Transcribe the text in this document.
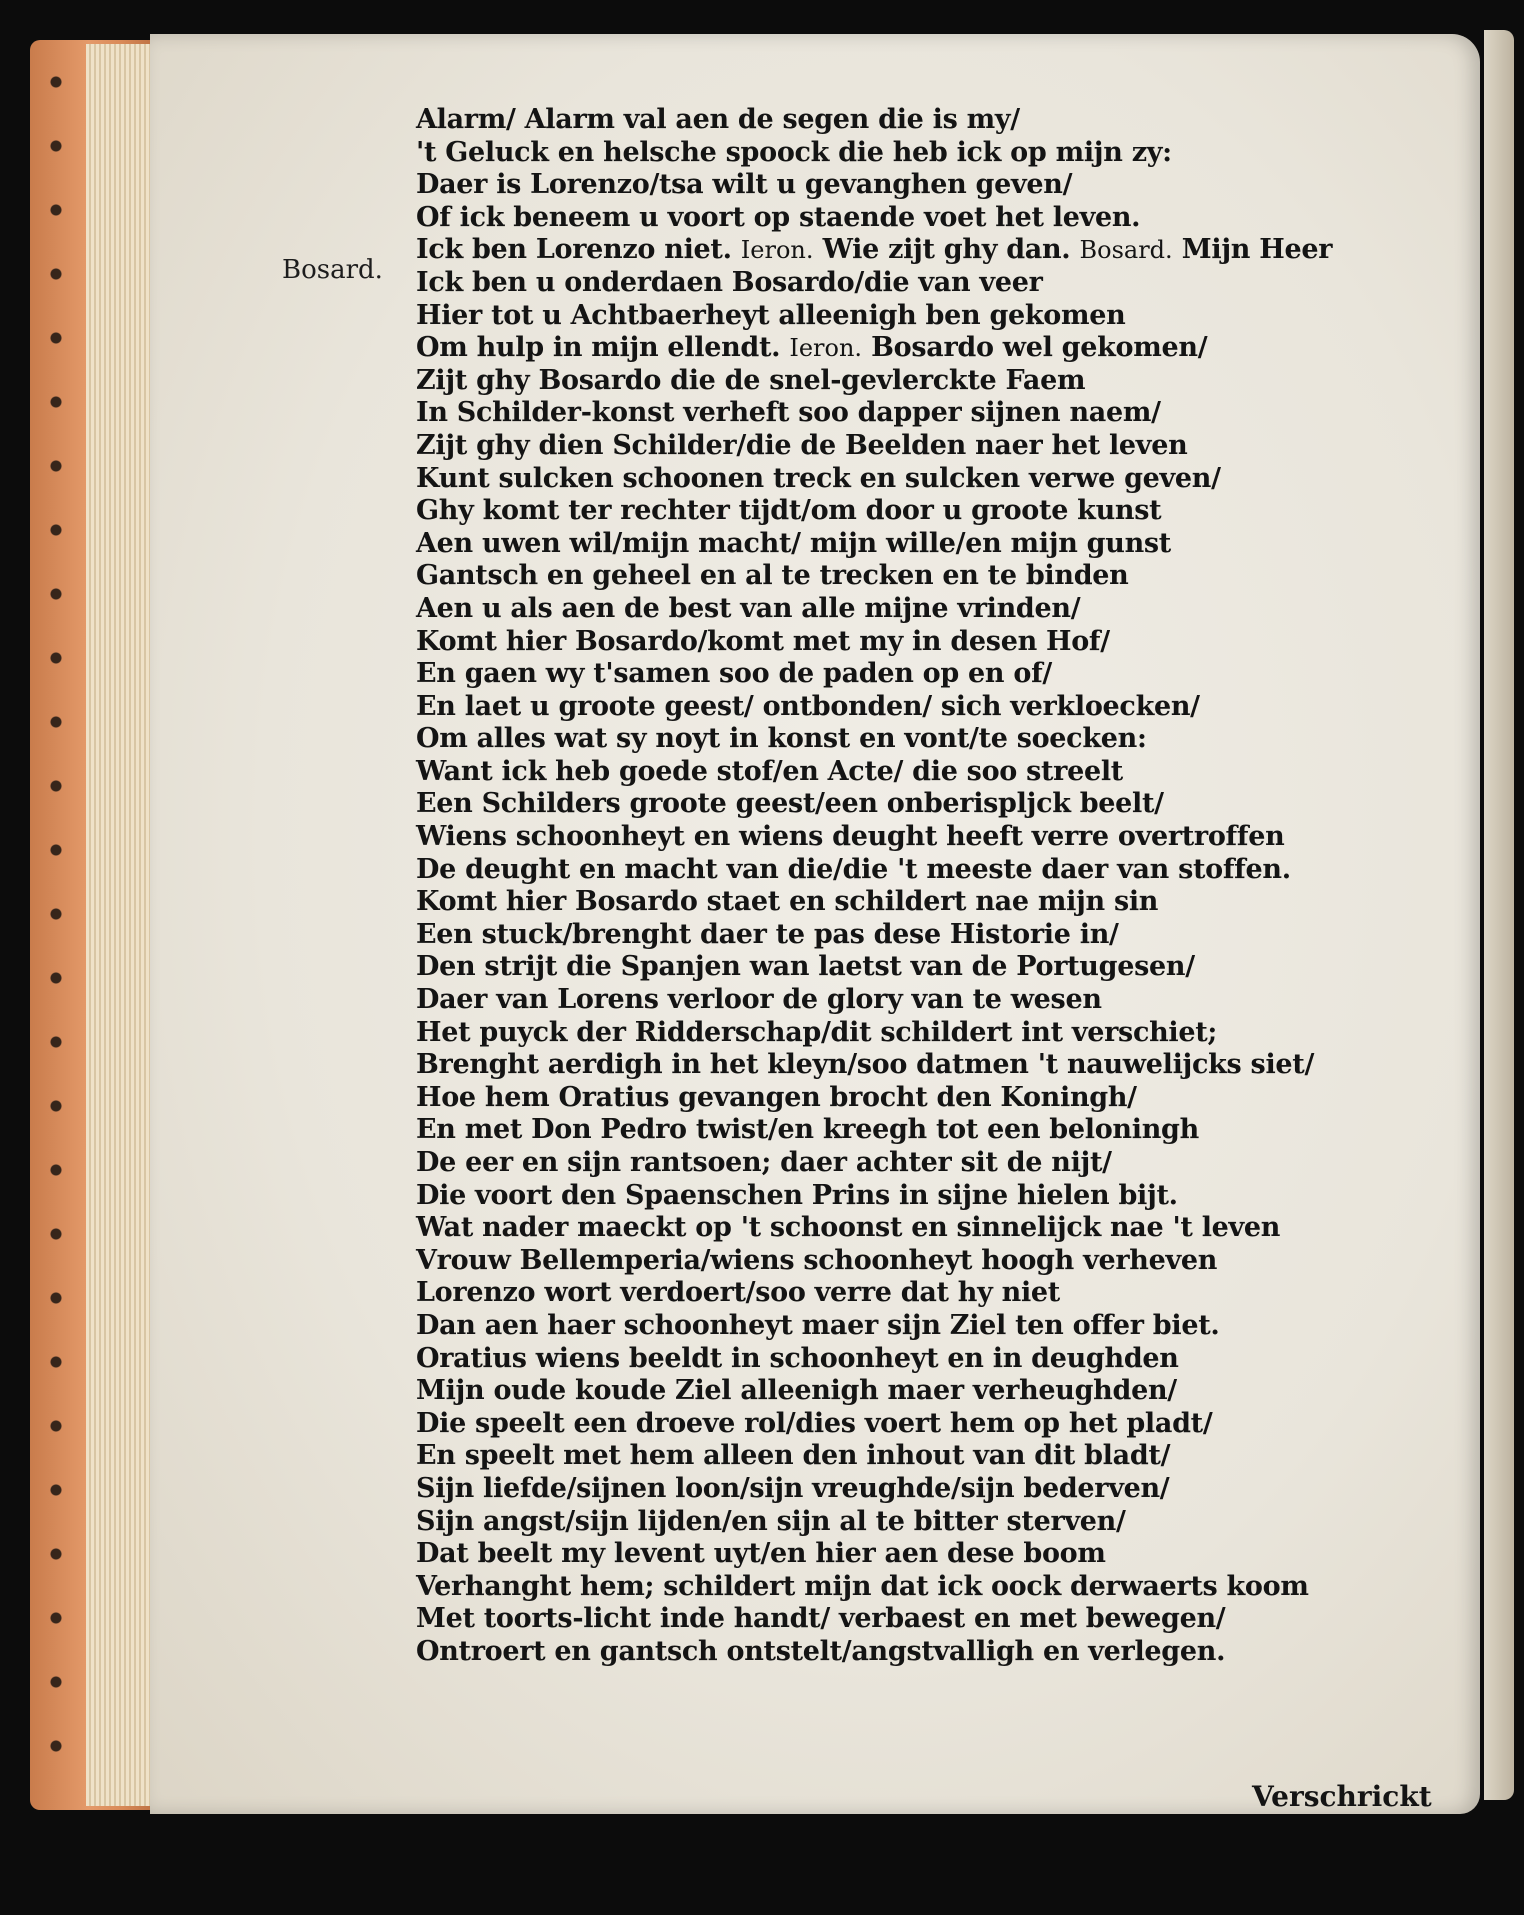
Bosard.
Alarm/ Alarm val aen de segen die is my/
't Geluck en helsche spoock die heb ick op mijn zy:
Daer is Lorenzo/tsa wilt u gevanghen geven/
Of ick beneem u voort op staende voet het leven.
Ick ben Lorenzo niet. Ieron. Wie zijt ghy dan. Bosard. Mijn Heer
Ick ben u onderdaen Bosardo/die van veer
Hier tot u Achtbaerheyt alleenigh ben gekomen
Om hulp in mijn ellendt. Ieron. Bosardo wel gekomen/
Zijt ghy Bosardo die de snel-gevlerckte Faem
In Schilder-konst verheft soo dapper sijnen naem/
Zijt ghy dien Schilder/die de Beelden naer het leven
Kunt sulcken schoonen treck en sulcken verwe geven/
Ghy komt ter rechter tijdt/om door u groote kunst
Aen uwen wil/mijn macht/ mijn wille/en mijn gunst
Gantsch en geheel en al te trecken en te binden
Aen u als aen de best van alle mijne vrinden/
Komt hier Bosardo/komt met my in desen Hof/
En gaen wy t'samen soo de paden op en of/
En laet u groote geest/ ontbonden/ sich verkloecken/
Om alles wat sy noyt in konst en vont/te soecken:
Want ick heb goede stof/en Acte/ die soo streelt
Een Schilders groote geest/een onberispljck beelt/
Wiens schoonheyt en wiens deught heeft verre overtroffen
De deught en macht van die/die 't meeste daer van stoffen.
Komt hier Bosardo staet en schildert nae mijn sin
Een stuck/brenght daer te pas dese Historie in/
Den strijt die Spanjen wan laetst van de Portugesen/
Daer van Lorens verloor de glory van te wesen
Het puyck der Ridderschap/dit schildert int verschiet;
Brenght aerdigh in het kleyn/soo datmen 't nauwelijcks siet/
Hoe hem Oratius gevangen brocht den Koningh/
En met Don Pedro twist/en kreegh tot een beloningh
De eer en sijn rantsoen; daer achter sit de nijt/
Die voort den Spaenschen Prins in sijne hielen bijt.
Wat nader maeckt op 't schoonst en sinnelijck nae 't leven
Vrouw Bellemperia/wiens schoonheyt hoogh verheven
Lorenzo wort verdoert/soo verre dat hy niet
Dan aen haer schoonheyt maer sijn Ziel ten offer biet.
Oratius wiens beeldt in schoonheyt en in deughden
Mijn oude koude Ziel alleenigh maer verheughden/
Die speelt een droeve rol/dies voert hem op het pladt/
En speelt met hem alleen den inhout van dit bladt/
Sijn liefde/sijnen loon/sijn vreughde/sijn bederven/
Sijn angst/sijn lijden/en sijn al te bitter sterven/
Dat beelt my levent uyt/en hier aen dese boom
Verhanght hem; schildert mijn dat ick oock derwaerts koom
Met toorts-licht inde handt/ verbaest en met bewegen/
Ontroert en gantsch ontstelt/angstvalligh en verlegen.
Verschrickt
